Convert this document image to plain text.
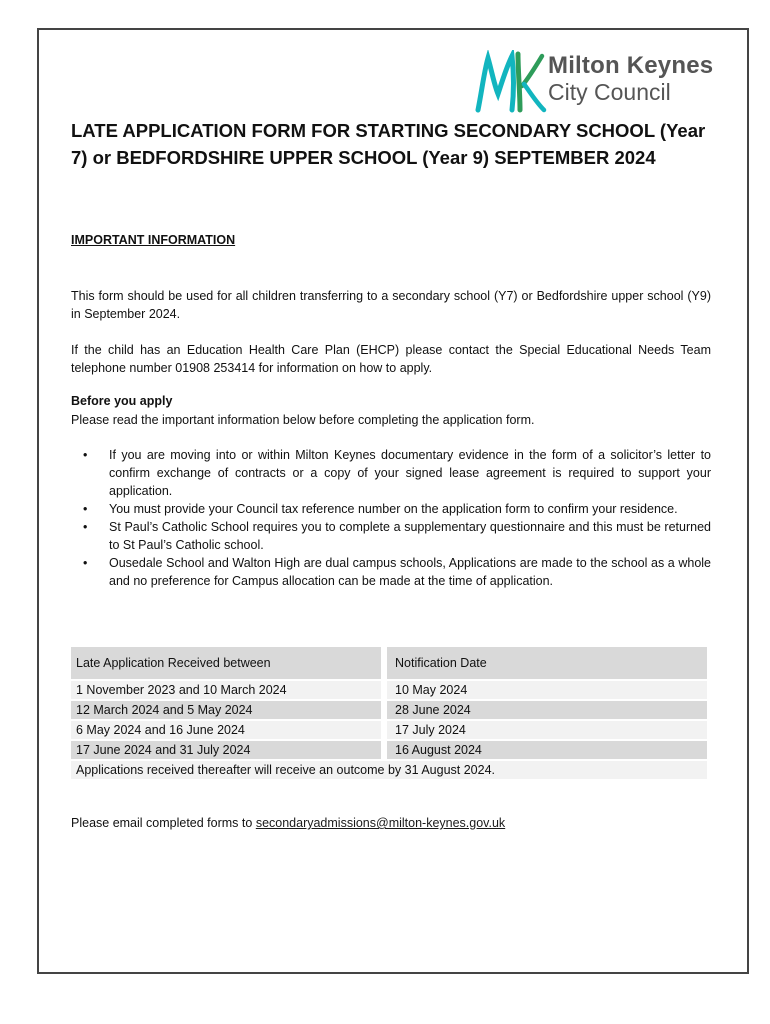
Milton Keynes
City Council
LATE APPLICATION FORM FOR STARTING SECONDARY SCHOOL (Year 7) or BEDFORDSHIRE UPPER SCHOOL (Year 9) SEPTEMBER 2024
IMPORTANT INFORMATION

This form should be used for all children transferring to a secondary school (Y7) or Bedfordshire upper school (Y9) in September 2024.

If the child has an Education Health Care Plan (EHCP) please contact the Special Educational Needs Team telephone number 01908 253414 for information on how to apply.

Before you apply

Please read the important information below before completing the application form.

• If you are moving into or within Milton Keynes documentary evidence in the form of a solicitor’s letter to confirm exchange of contracts or a copy of your signed lease agreement is required to support your application.
• You must provide your Council tax reference number on the application form to confirm your residence.
• St Paul’s Catholic School requires you to complete a supplementary questionnaire and this must be returned to St Paul’s Catholic school.
• Ousedale School and Walton High are dual campus schools, Applications are made to the school as a whole and no preference for Campus allocation can be made at the time of application.
Late Application Received between	Notification Date
1 November 2023 and 10 March 2024	10 May 2024
12 March 2024 and 5 May 2024	28 June 2024
6 May 2024 and 16 June 2024	17 July 2024
17 June 2024 and 31 July 2024	16 August 2024
Applications received thereafter will receive an outcome by 31 August 2024.	
Please email completed forms to secondaryadmissions@milton-keynes.gov.uk
